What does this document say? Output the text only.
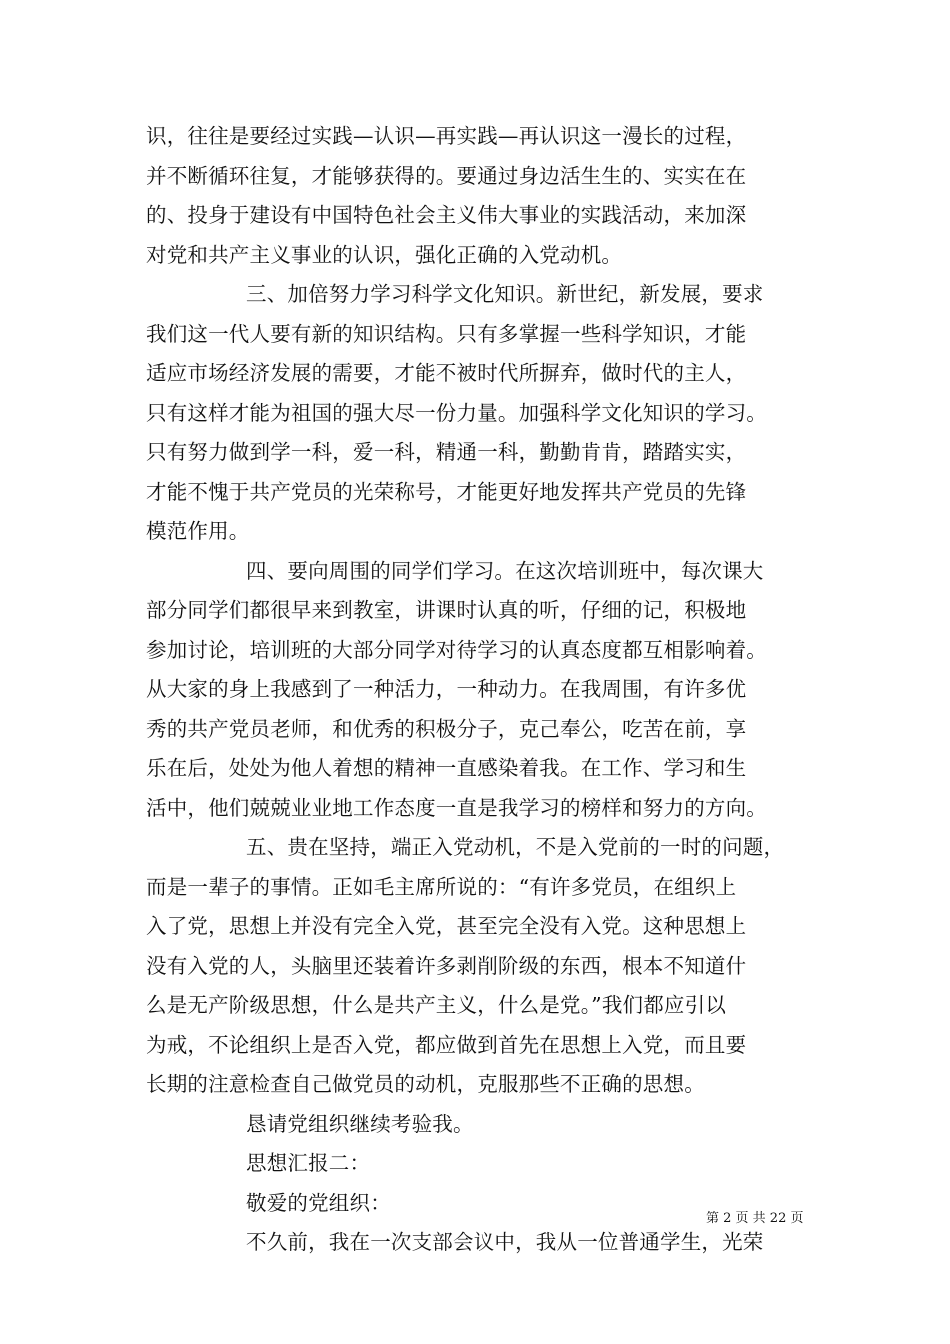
识，往往是要经过实践—认识—再实践—再认识这一漫长的过程，
并不断循环往复，才能够获得的。要通过身边活生生的、实实在在
的、投身于建设有中国特色社会主义伟大事业的实践活动，来加深
对党和共产主义事业的认识，强化正确的入党动机。
三、加倍努力学习科学文化知识。新世纪，新发展，要求
我们这一代人要有新的知识结构。只有多掌握一些科学知识，才能
适应市场经济发展的需要，才能不被时代所摒弃，做时代的主人，
只有这样才能为祖国的强大尽一份力量。加强科学文化知识的学习。
只有努力做到学一科，爱一科，精通一科，勤勤肯肯，踏踏实实，
才能不愧于共产党员的光荣称号，才能更好地发挥共产党员的先锋
模范作用。
四、要向周围的同学们学习。在这次培训班中，每次课大
部分同学们都很早来到教室，讲课时认真的听，仔细的记，积极地
参加讨论，培训班的大部分同学对待学习的认真态度都互相影响着。
从大家的身上我感到了一种活力，一种动力。在我周围，有许多优
秀的共产党员老师，和优秀的积极分子，克己奉公，吃苦在前，享
乐在后，处处为他人着想的精神一直感染着我。在工作、学习和生
活中，他们兢兢业业地工作态度一直是我学习的榜样和努力的方向。
五、贵在坚持，端正入党动机，不是入党前的一时的问题，
而是一辈子的事情。正如毛主席所说的：“有许多党员，在组织上
入了党，思想上并没有完全入党，甚至完全没有入党。这种思想上
没有入党的人，头脑里还装着许多剥削阶级的东西，根本不知道什
么是无产阶级思想，什么是共产主义，什么是党。”我们都应引以
为戒，不论组织上是否入党，都应做到首先在思想上入党，而且要
长期的注意检查自己做党员的动机，克服那些不正确的思想。
恳请党组织继续考验我。
思想汇报二：
敬爱的党组织：
不久前，我在一次支部会议中，我从一位普通学生，光荣
第 2 页 共 22 页
